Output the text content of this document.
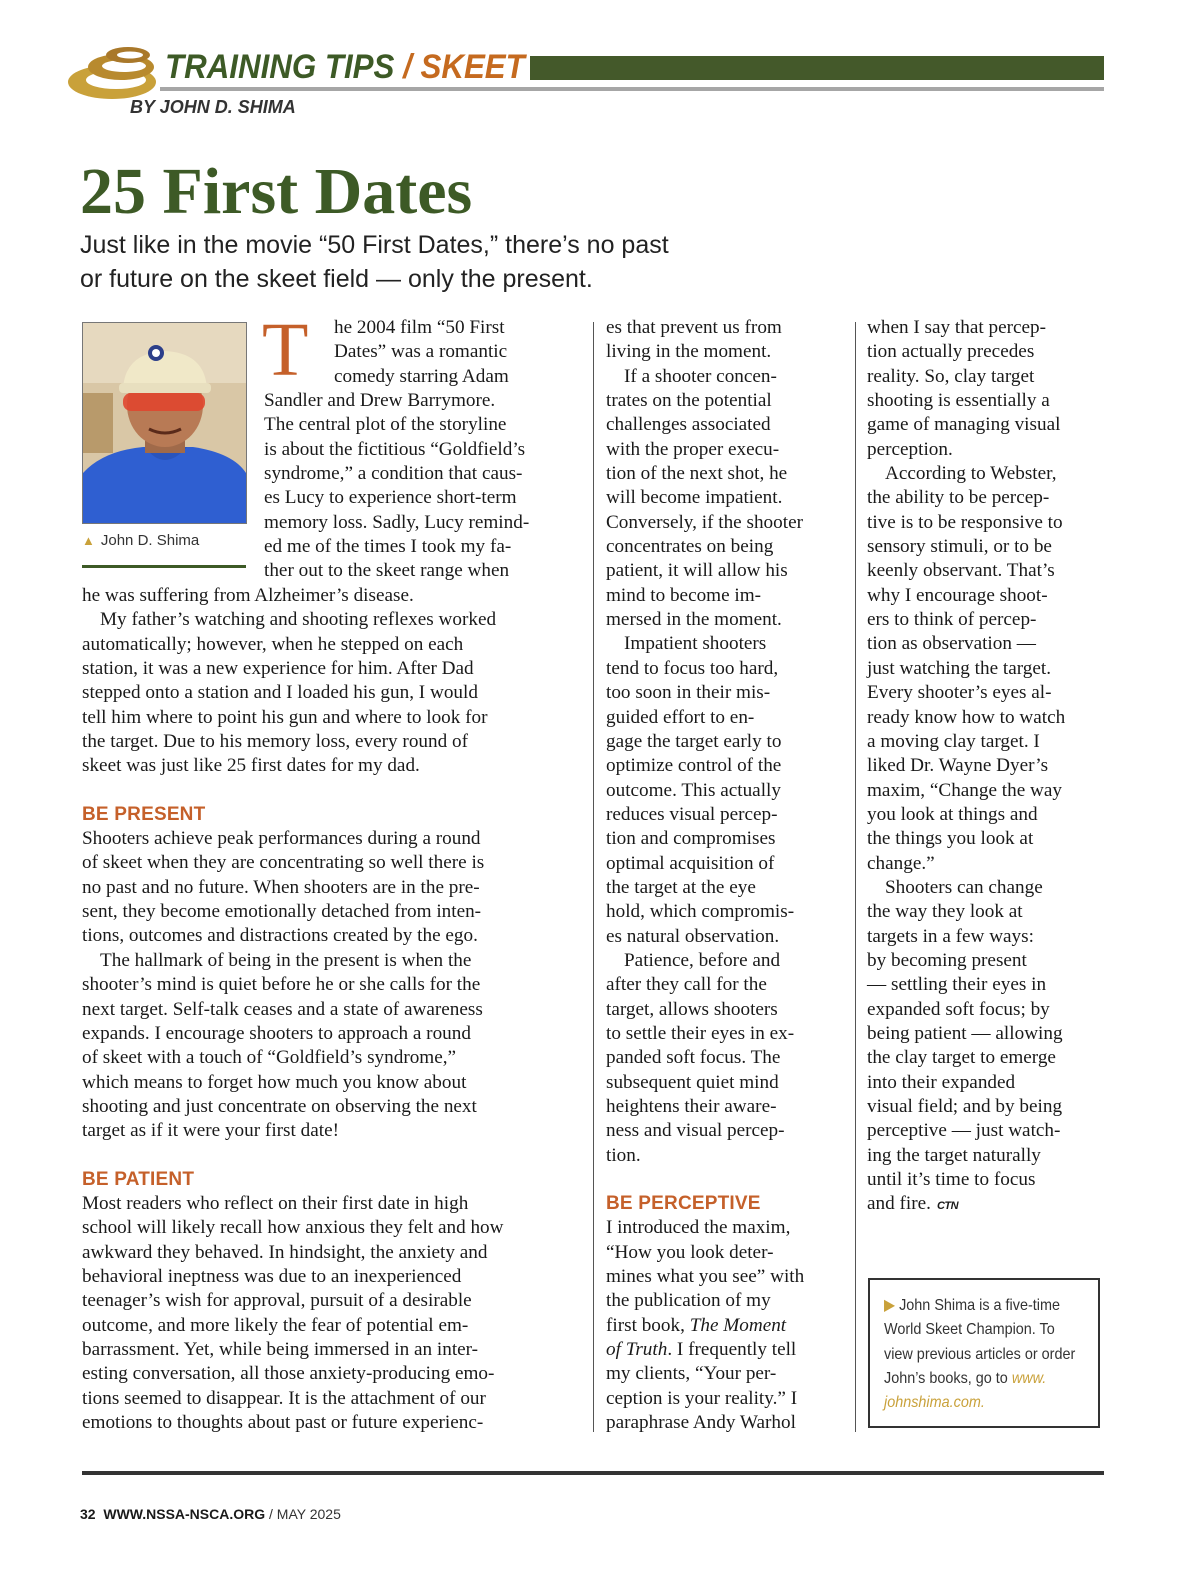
TRAINING TIPS / SKEET
BY JOHN D. SHIMA
25 First Dates
Just like in the movie “50 First Dates,” there’s no past
or future on the skeet field — only the present.
▲ John D. Shima
T	he 2004 film “50 First
Dates” was a romantic
comedy starring Adam
Sandler and Drew Barrymore.
The central plot of the storyline
is about the fictitious “Goldfield’s
syndrome,” a condition that caus-
es Lucy to experience short-term
memory loss. Sadly, Lucy remind-
ed me of the times I took my fa-
ther out to the skeet range when
he was suffering from Alzheimer’s disease.
My father’s watching and shooting reflexes worked
automatically; however, when he stepped on each
station, it was a new experience for him. After Dad
stepped onto a station and I loaded his gun, I would
tell him where to point his gun and where to look for
the target. Due to his memory loss, every round of
skeet was just like 25 first dates for my dad.
BE PRESENT
Shooters achieve peak performances during a round
of skeet when they are concentrating so well there is
no past and no future. When shooters are in the pre-
sent, they become emotionally detached from inten-
tions, outcomes and distractions created by the ego.
The hallmark of being in the present is when the
shooter’s mind is quiet before he or she calls for the
next target. Self-talk ceases and a state of awareness
expands. I encourage shooters to approach a round
of skeet with a touch of “Goldfield’s syndrome,”
which means to forget how much you know about
shooting and just concentrate on observing the next
target as if it were your first date!
BE PATIENT
Most readers who reflect on their first date in high
school will likely recall how anxious they felt and how
awkward they behaved. In hindsight, the anxiety and
behavioral ineptness was due to an inexperienced
teenager’s wish for approval, pursuit of a desirable
outcome, and more likely the fear of potential em-
barrassment. Yet, while being immersed in an inter-
esting conversation, all those anxiety-producing emo-
tions seemed to disappear. It is the attachment of our
emotions to thoughts about past or future experienc-
es that prevent us from
living in the moment.
If a shooter concen-
trates on the potential
challenges associated
with the proper execu-
tion of the next shot, he
will become impatient.
Conversely, if the shooter
concentrates on being
patient, it will allow his
mind to become im-
mersed in the moment.
Impatient shooters
tend to focus too hard,
too soon in their mis-
guided effort to en-
gage the target early to
optimize control of the
outcome. This actually
reduces visual percep-
tion and compromises
optimal acquisition of
the target at the eye
hold, which compromis-
es natural observation.
Patience, before and
after they call for the
target, allows shooters
to settle their eyes in ex-
panded soft focus. The
subsequent quiet mind
heightens their aware-
ness and visual percep-
tion.
BE PERCEPTIVE
I introduced the maxim,
“How you look deter-
mines what you see” with
the publication of my
first book, The Moment
of Truth. I frequently tell
my clients, “Your per-
ception is your reality.” I
paraphrase Andy Warhol
when I say that percep-
tion actually precedes
reality. So, clay target
shooting is essentially a
game of managing visual
perception.
According to Webster,
the ability to be percep-
tive is to be responsive to
sensory stimuli, or to be
keenly observant. That’s
why I encourage shoot-
ers to think of percep-
tion as observation —
just watching the target.
Every shooter’s eyes al-
ready know how to watch
a moving clay target. I
liked Dr. Wayne Dyer’s
maxim, “Change the way
you look at things and
the things you look at
change.”
Shooters can change
the way they look at
targets in a few ways:
by becoming present
— settling their eyes in
expanded soft focus; by
being patient — allowing
the clay target to emerge
into their expanded
visual field; and by being
perceptive — just watch-
ing the target naturally
until it’s time to focus
and fire. CTN
▶ John Shima is a five-time
World Skeet Champion. To
view previous articles or order
John’s books, go to www.
johnshima.com.
32 WWW.NSSA-NSCA.ORG / MAY 2025
